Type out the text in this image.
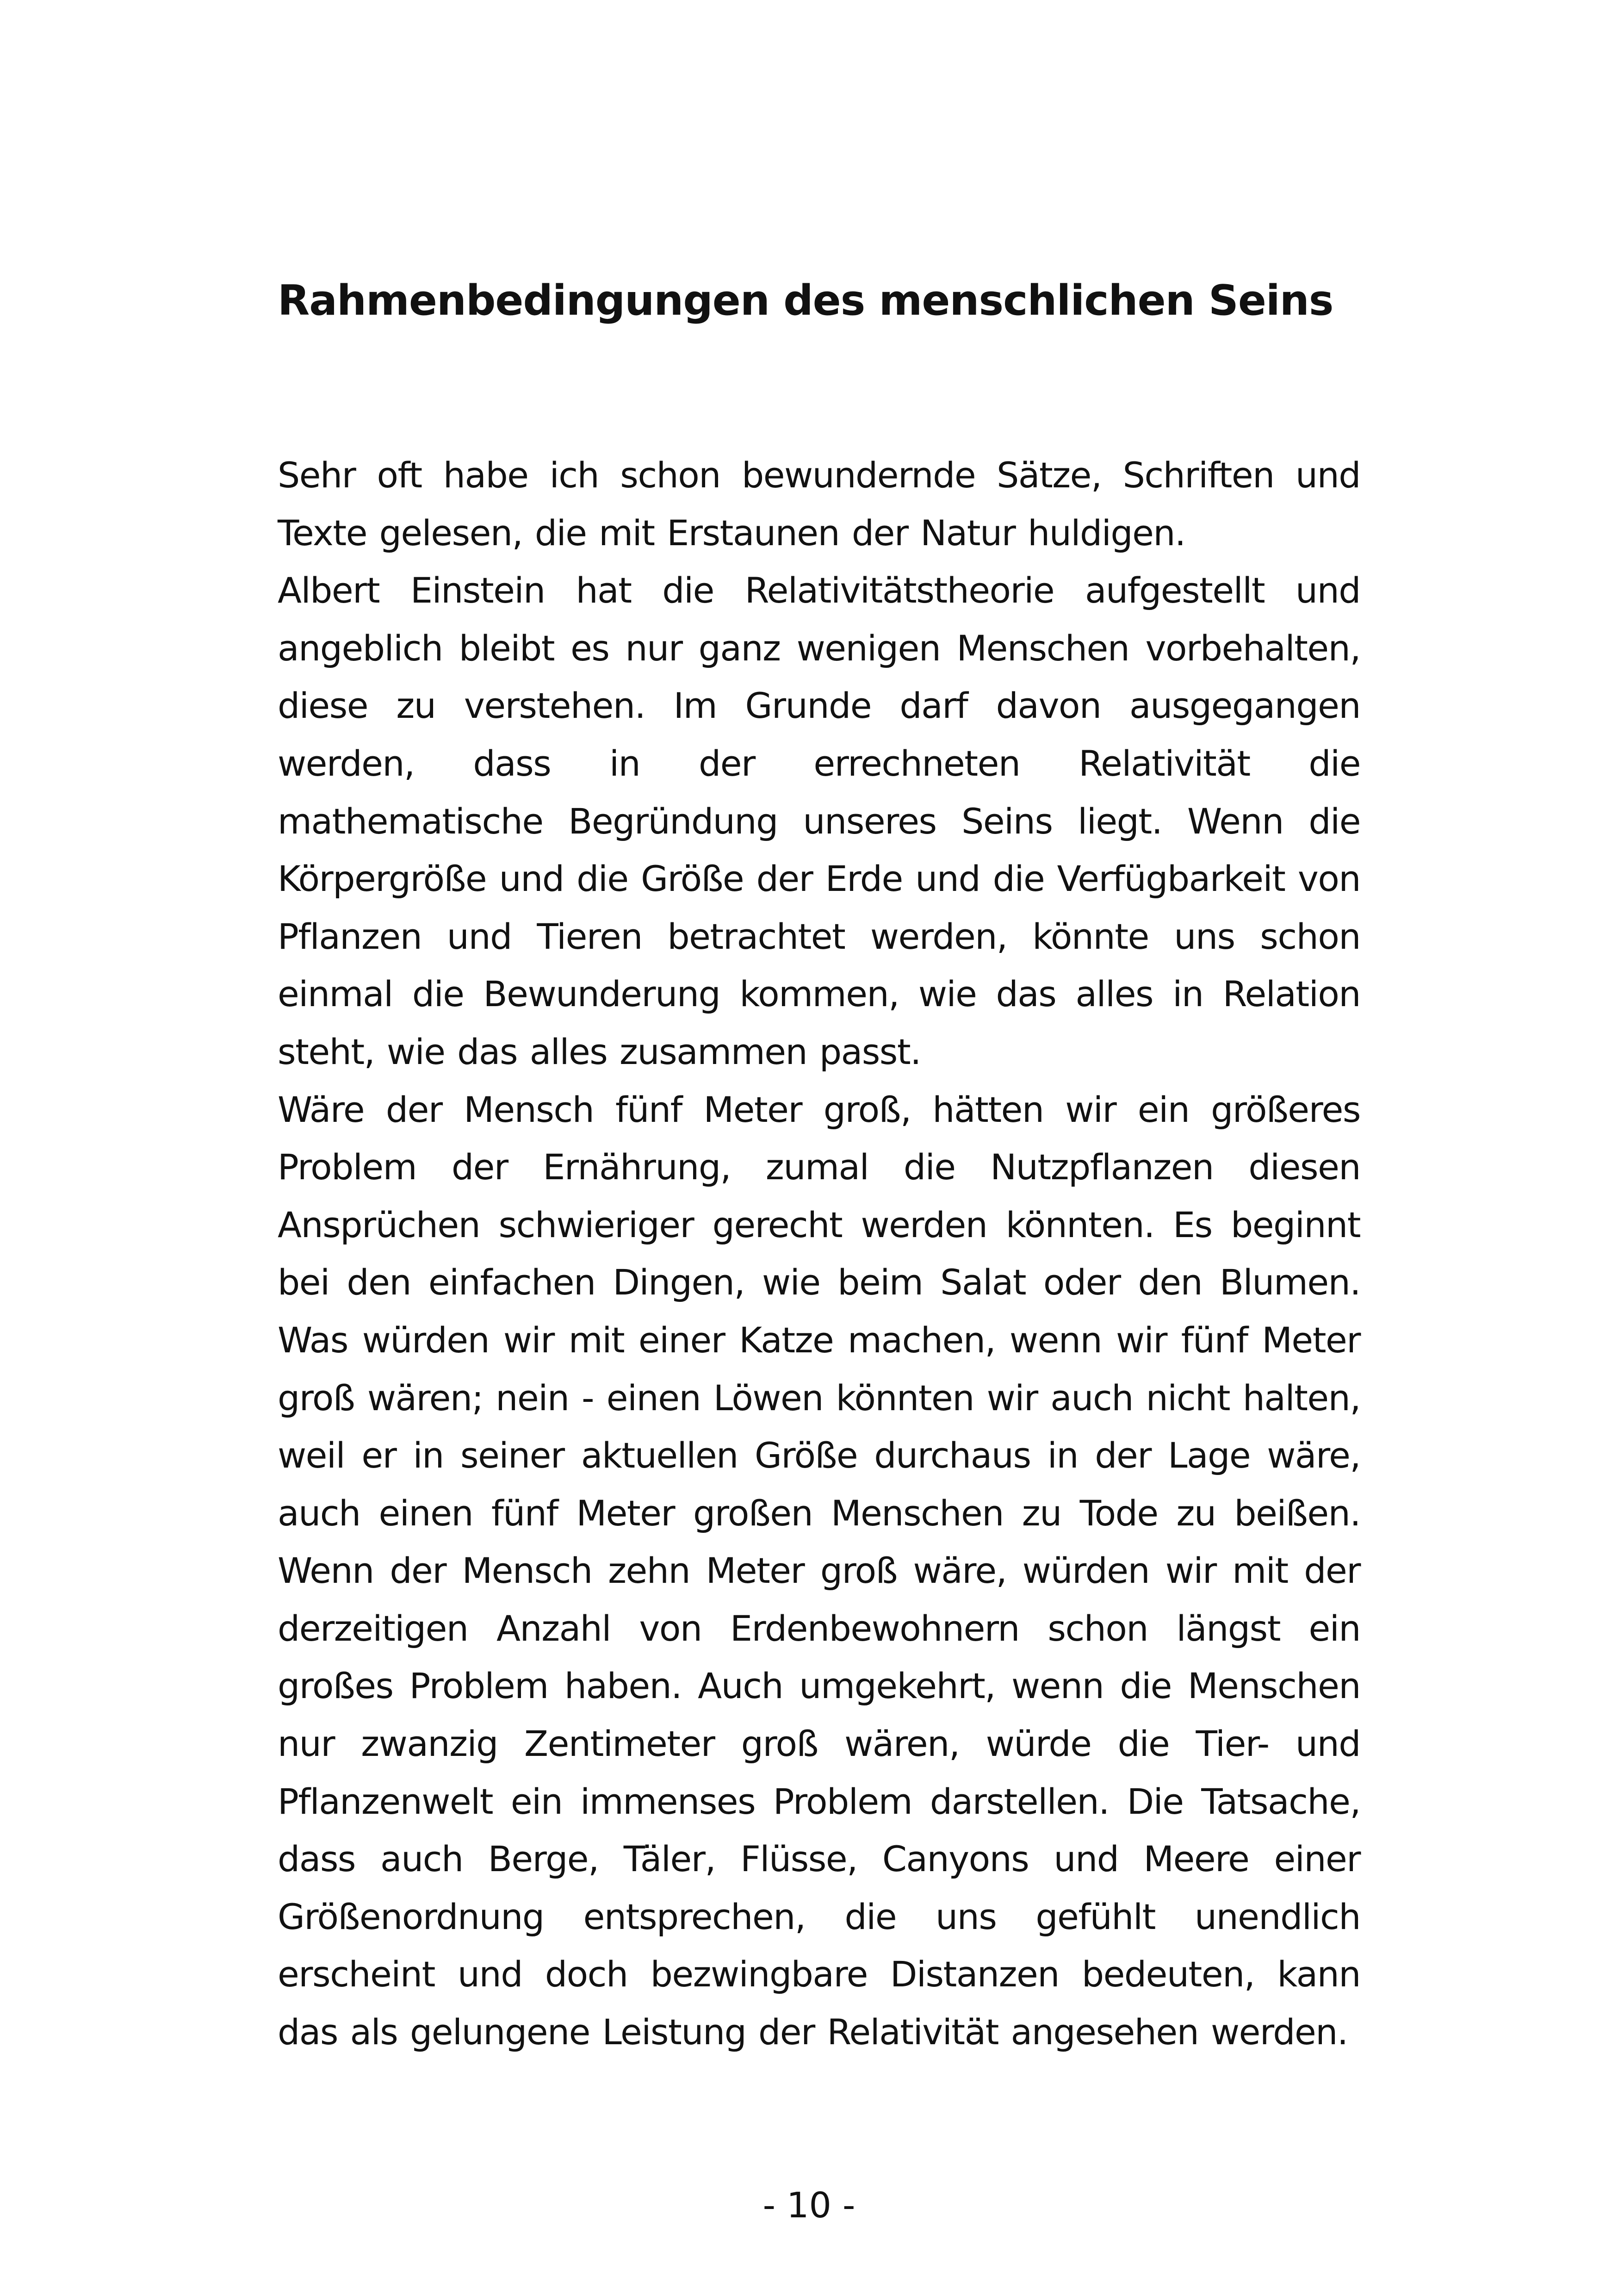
Rahmenbedingungen des menschlichen Seins

Sehr oft habe ich schon bewundernde Sätze, Schriften und Texte gelesen, die mit Erstaunen der Natur huldigen.

Albert Einstein hat die Relativitätstheorie aufgestellt und angeblich bleibt es nur ganz wenigen Menschen vorbehalten, diese zu verstehen. Im Grunde darf davon ausgegangen werden, dass in der errechneten Relativität die mathematische Begründung unseres Seins liegt. Wenn die Körpergröße und die Größe der Erde und die Verfügbarkeit von Pflanzen und Tieren betrachtet werden, könnte uns schon einmal die Bewunderung kommen, wie das alles in Relation steht, wie das alles zusammen passt.

Wäre der Mensch fünf Meter groß, hätten wir ein größeres Problem der Ernährung, zumal die Nutzpflanzen diesen Ansprüchen schwieriger gerecht werden könnten. Es beginnt bei den einfachen Dingen, wie beim Salat oder den Blumen. Was würden wir mit einer Katze machen, wenn wir fünf Meter groß wären; nein - einen Löwen könnten wir auch nicht halten, weil er in seiner aktuellen Größe durchaus in der Lage wäre, auch einen fünf Meter großen Menschen zu Tode zu beißen. Wenn der Mensch zehn Meter groß wäre, würden wir mit der derzeitigen Anzahl von Erdenbewohnern schon längst ein großes Problem haben. Auch umgekehrt, wenn die Menschen nur zwanzig Zentimeter groß wären, würde die Tier- und Pflanzenwelt ein immenses Problem darstellen. Die Tatsache, dass auch Berge, Täler, Flüsse, Canyons und Meere einer Größenordnung entsprechen, die uns gefühlt unendlich erscheint und doch bezwingbare Distanzen bedeuten, kann das als gelungene Leistung der Relativität angesehen werden.

- 10 -
